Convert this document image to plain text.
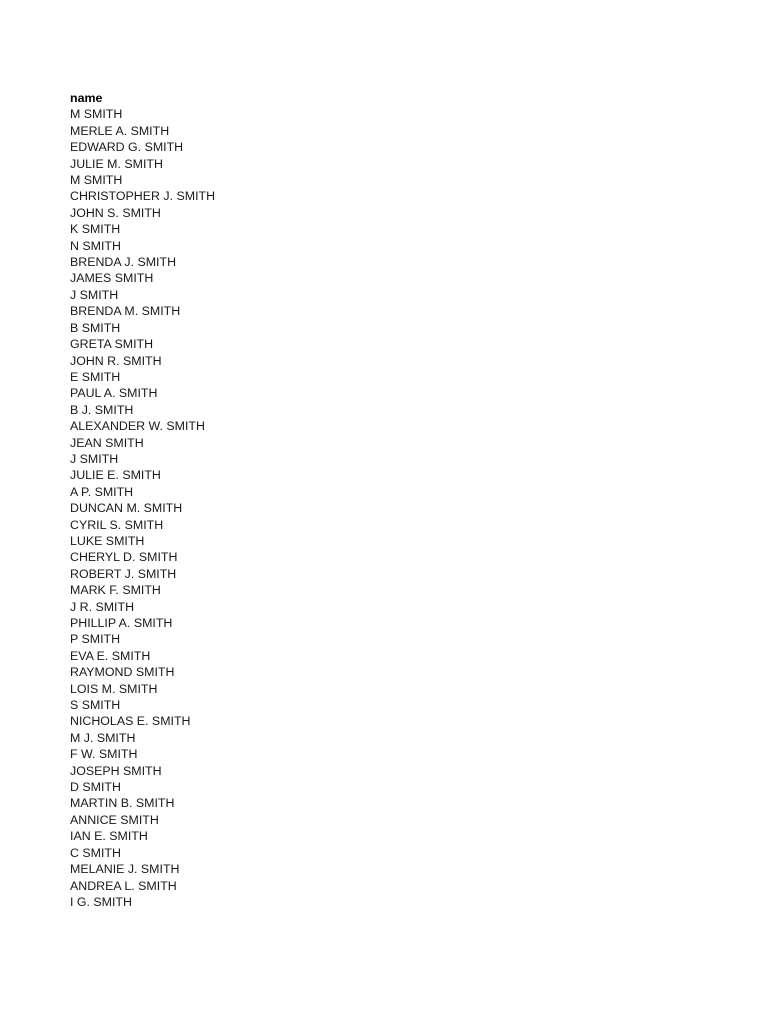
name
M SMITH
MERLE A. SMITH
EDWARD G. SMITH
JULIE M. SMITH
M SMITH
CHRISTOPHER J. SMITH
JOHN S. SMITH
K SMITH
N SMITH
BRENDA J. SMITH
JAMES SMITH
J SMITH
BRENDA M. SMITH
B SMITH
GRETA SMITH
JOHN R. SMITH
E SMITH
PAUL A. SMITH
B J. SMITH
ALEXANDER W. SMITH
JEAN SMITH
J SMITH
JULIE E. SMITH
A P. SMITH
DUNCAN M. SMITH
CYRIL S. SMITH
LUKE SMITH
CHERYL D. SMITH
ROBERT J. SMITH
MARK F. SMITH
J R. SMITH
PHILLIP A. SMITH
P SMITH
EVA E. SMITH
RAYMOND SMITH
LOIS M. SMITH
S SMITH
NICHOLAS E. SMITH
M J. SMITH
F W. SMITH
JOSEPH SMITH
D SMITH
MARTIN B. SMITH
ANNICE SMITH
IAN E. SMITH
C SMITH
MELANIE J. SMITH
ANDREA L. SMITH
I G. SMITH
